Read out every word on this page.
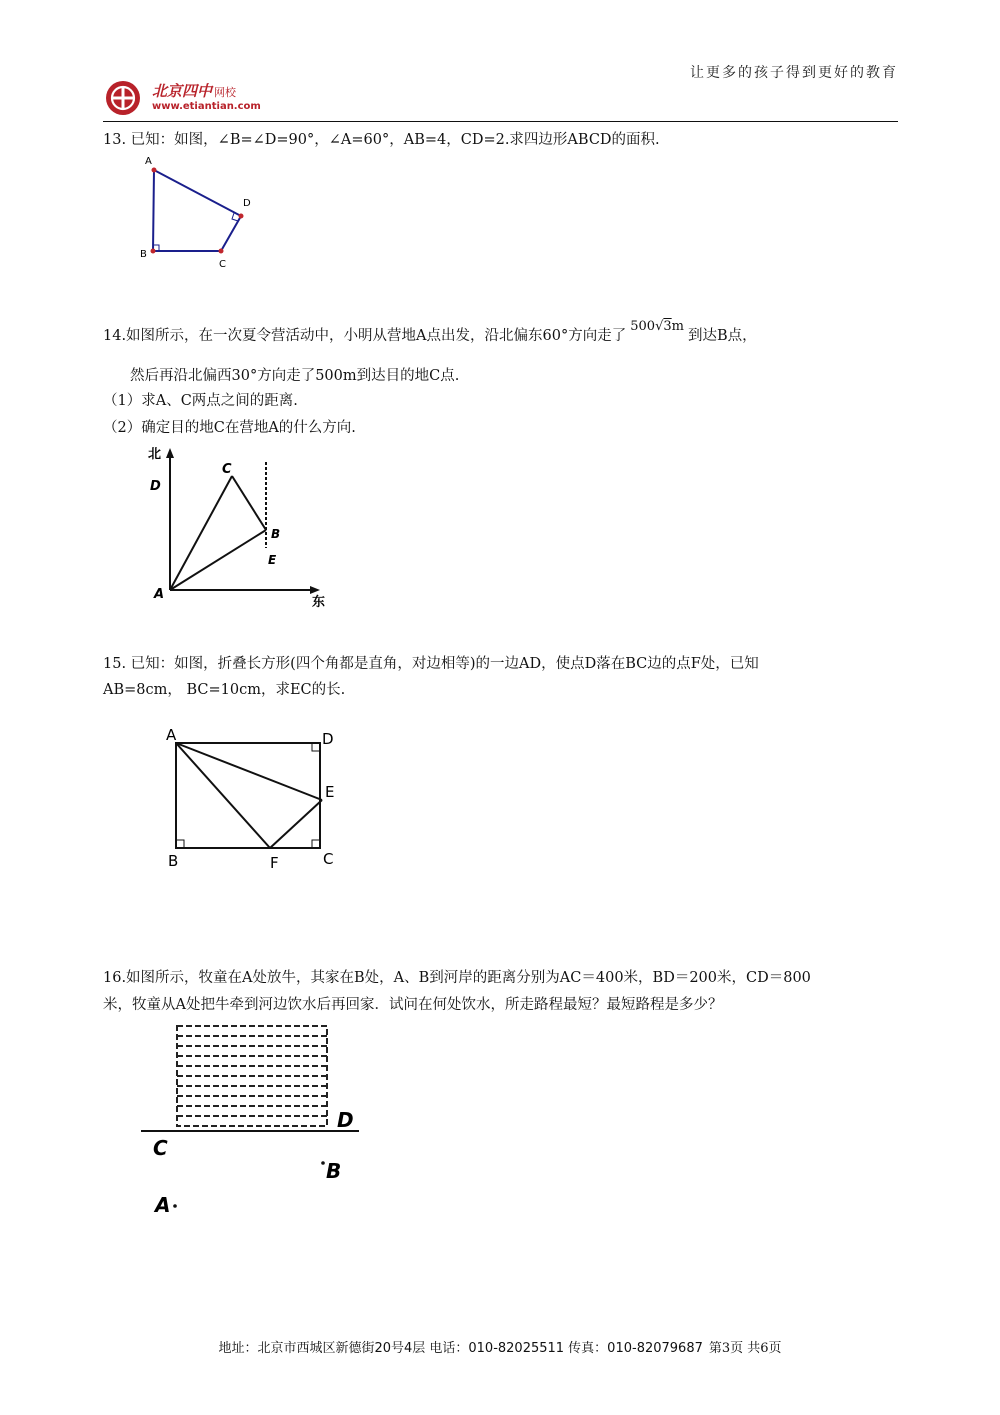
让更多的孩子得到更好的教育
北京四中 网校
www.etiantian.com
13. 已知：如图，∠B=∠D=90°，∠A=60°，AB=4，CD=2.求四边形ABCD的面积.
A
B
C
D
14.如图所示，在一次夏令营活动中，小明从营地A点出发，沿北偏东60°方向走了500√3m到达B点，
然后再沿北偏西30°方向走了500m到达目的地C点.
（1）求A、C两点之间的距离.
（2）确定目的地C在营地A的什么方向.
北
D
C
B
E
A
东
15. 已知：如图，折叠长方形(四个角都是直角，对边相等)的一边AD，使点D落在BC边的点F处，已知
AB=8cm， BC=10cm，求EC的长.
A	D
E
B	F	C
16.如图所示，牧童在A处放牛，其家在B处，A、B到河岸的距离分别为AC＝400米，BD＝200米，CD＝800
米，牧童从A处把牛牵到河边饮水后再回家．试问在何处饮水，所走路程最短？最短路程是多少？
D
C
B
A
地址：北京市西城区新德街20号4层 电话：010-82025511 传真：010-82079687 第3页 共6页
